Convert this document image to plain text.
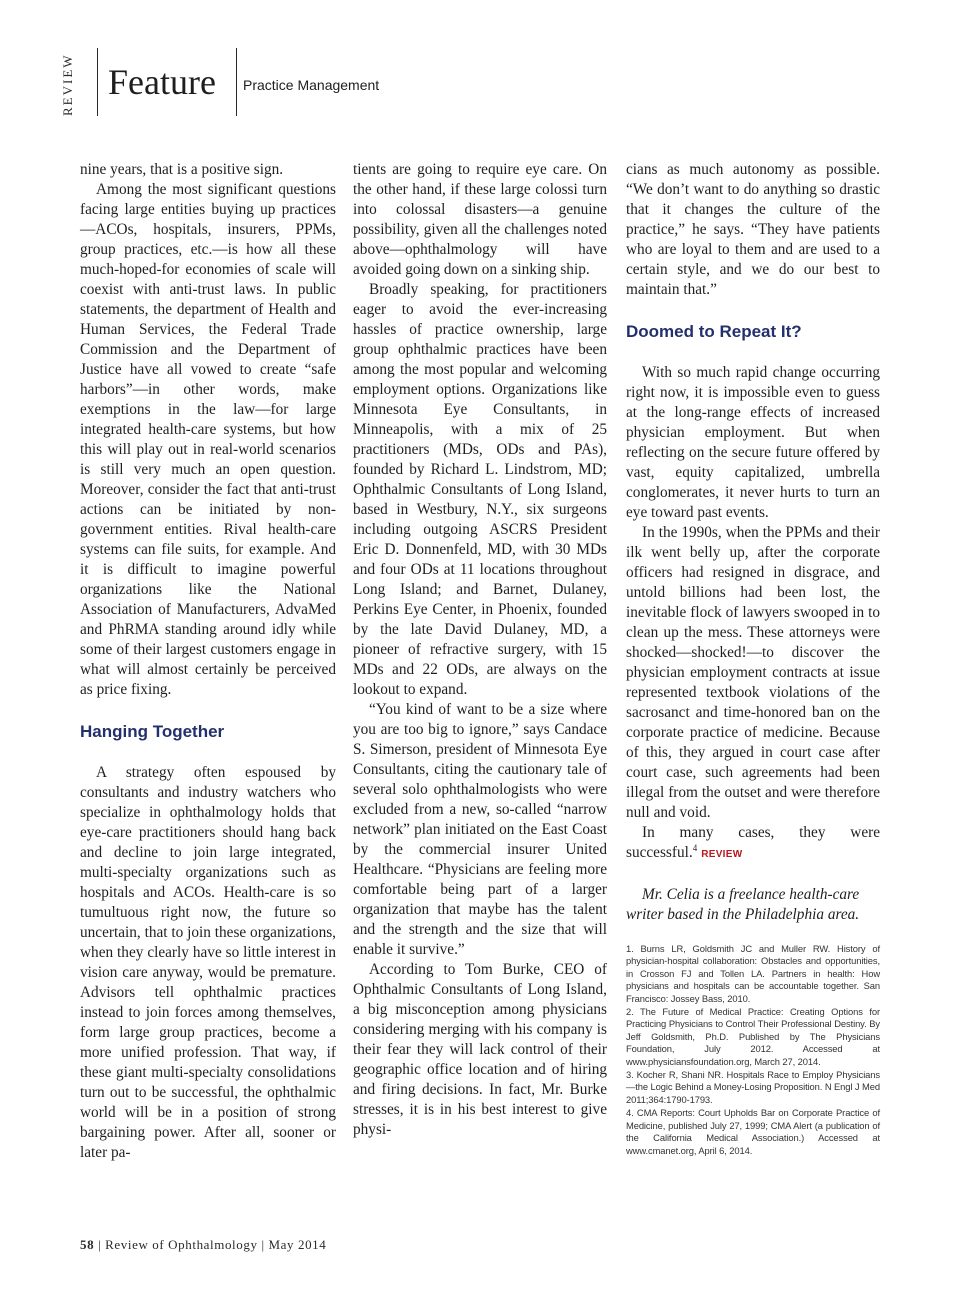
REVIEW Feature Practice Management

nine years, that is a positive sign.

Among the most significant questions facing large entities buying up practices—ACOs, hospitals, insurers, PPMs, group practices, etc.—is how all these much-hoped-for economies of scale will coexist with anti-trust laws. In public statements, the department of Health and Human Services, the Federal Trade Commission and the Department of Justice have all vowed to create “safe harbors”—in other words, make exemptions in the law—for large integrated health-care systems, but how this will play out in real-world scenarios is still very much an open question. Moreover, consider the fact that anti-trust actions can be initiated by non-government entities. Rival health-care systems can file suits, for example. And it is difficult to imagine powerful organizations like the National Association of Manufacturers, AdvaMed and PhRMA standing around idly while some of their largest customers engage in what will almost certainly be perceived as price fixing.

Hanging Together

A strategy often espoused by consultants and industry watchers who specialize in ophthalmology holds that eye-care practitioners should hang back and decline to join large integrated, multi-specialty organizations such as hospitals and ACOs. Health-care is so tumultuous right now, the future so uncertain, that to join these organizations, when they clearly have so little interest in vision care anyway, would be premature. Advisors tell ophthalmic practices instead to join forces among themselves, form large group practices, become a more unified profession. That way, if these giant multi-specialty consolidations turn out to be successful, the ophthalmic world will be in a position of strong bargaining power. After all, sooner or later pa-

tients are going to require eye care. On the other hand, if these large colossi turn into colossal disasters—a genuine possibility, given all the challenges noted above—ophthalmology will have avoided going down on a sinking ship.

Broadly speaking, for practitioners eager to avoid the ever-increasing hassles of practice ownership, large group ophthalmic practices have been among the most popular and welcoming employment options. Organizations like Minnesota Eye Consultants, in Minneapolis, with a mix of 25 practitioners (MDs, ODs and PAs), founded by Richard L. Lindstrom, MD; Ophthalmic Consultants of Long Island, based in Westbury, N.Y., six surgeons including outgoing ASCRS President Eric D. Donnenfeld, MD, with 30 MDs and four ODs at 11 locations throughout Long Island; and Barnet, Dulaney, Perkins Eye Center, in Phoenix, founded by the late David Dulaney, MD, a pioneer of refractive surgery, with 15 MDs and 22 ODs, are always on the lookout to expand.

“You kind of want to be a size where you are too big to ignore,” says Candace S. Simerson, president of Minnesota Eye Consultants, citing the cautionary tale of several solo ophthalmologists who were excluded from a new, so-called “narrow network” plan initiated on the East Coast by the commercial insurer United Healthcare. “Physicians are feeling more comfortable being part of a larger organization that maybe has the talent and the strength and the size that will enable it survive.”

According to Tom Burke, CEO of Ophthalmic Consultants of Long Island, a big misconception among physicians considering merging with his company is their fear they will lack control of their geographic office location and of hiring and firing decisions. In fact, Mr. Burke stresses, it is in his best interest to give physi-

cians as much autonomy as possible. “We don’t want to do anything so drastic that it changes the culture of the practice,” he says. “They have patients who are loyal to them and are used to a certain style, and we do our best to maintain that.”

Doomed to Repeat It?

With so much rapid change occurring right now, it is impossible even to guess at the long-range effects of increased physician employment. But when reflecting on the secure future offered by vast, equity capitalized, umbrella conglomerates, it never hurts to turn an eye toward past events.

In the 1990s, when the PPMs and their ilk went belly up, after the corporate officers had resigned in disgrace, and untold billions had been lost, the inevitable flock of lawyers swooped in to clean up the mess. These attorneys were shocked—shocked!—to discover the physician employment contracts at issue represented textbook violations of the sacrosanct and time-honored ban on the corporate practice of medicine. Because of this, they argued in court case after court case, such agreements had been illegal from the outset and were therefore null and void.

In many cases, they were successful.$^4$REVIEW

Mr. Celia is a freelance health-care writer based in the Philadelphia area.

1. Burns LR, Goldsmith JC and Muller RW. History of physician-hospital collaboration: Obstacles and opportunities, in Crosson FJ and Tollen LA. Partners in health: How physicians and hospitals can be accountable together. San Francisco: Jossey Bass, 2010.

2. The Future of Medical Practice: Creating Options for Practicing Physicians to Control Their Professional Destiny. By Jeff Goldsmith, Ph.D. Published by The Physicians Foundation, July 2012. Accessed at www.physiciansfoundation.org, March 27, 2014.

3. Kocher R, Shani NR. Hospitals Race to Employ Physicians—the Logic Behind a Money-Losing Proposition. N Engl J Med 2011;364:1790-1793.

4. CMA Reports: Court Upholds Bar on Corporate Practice of Medicine, published July 27, 1999; CMA Alert (a publication of the California Medical Association.) Accessed at www.cmanet.org, April 6, 2014.

58 | Review of Ophthalmology | May 2014
